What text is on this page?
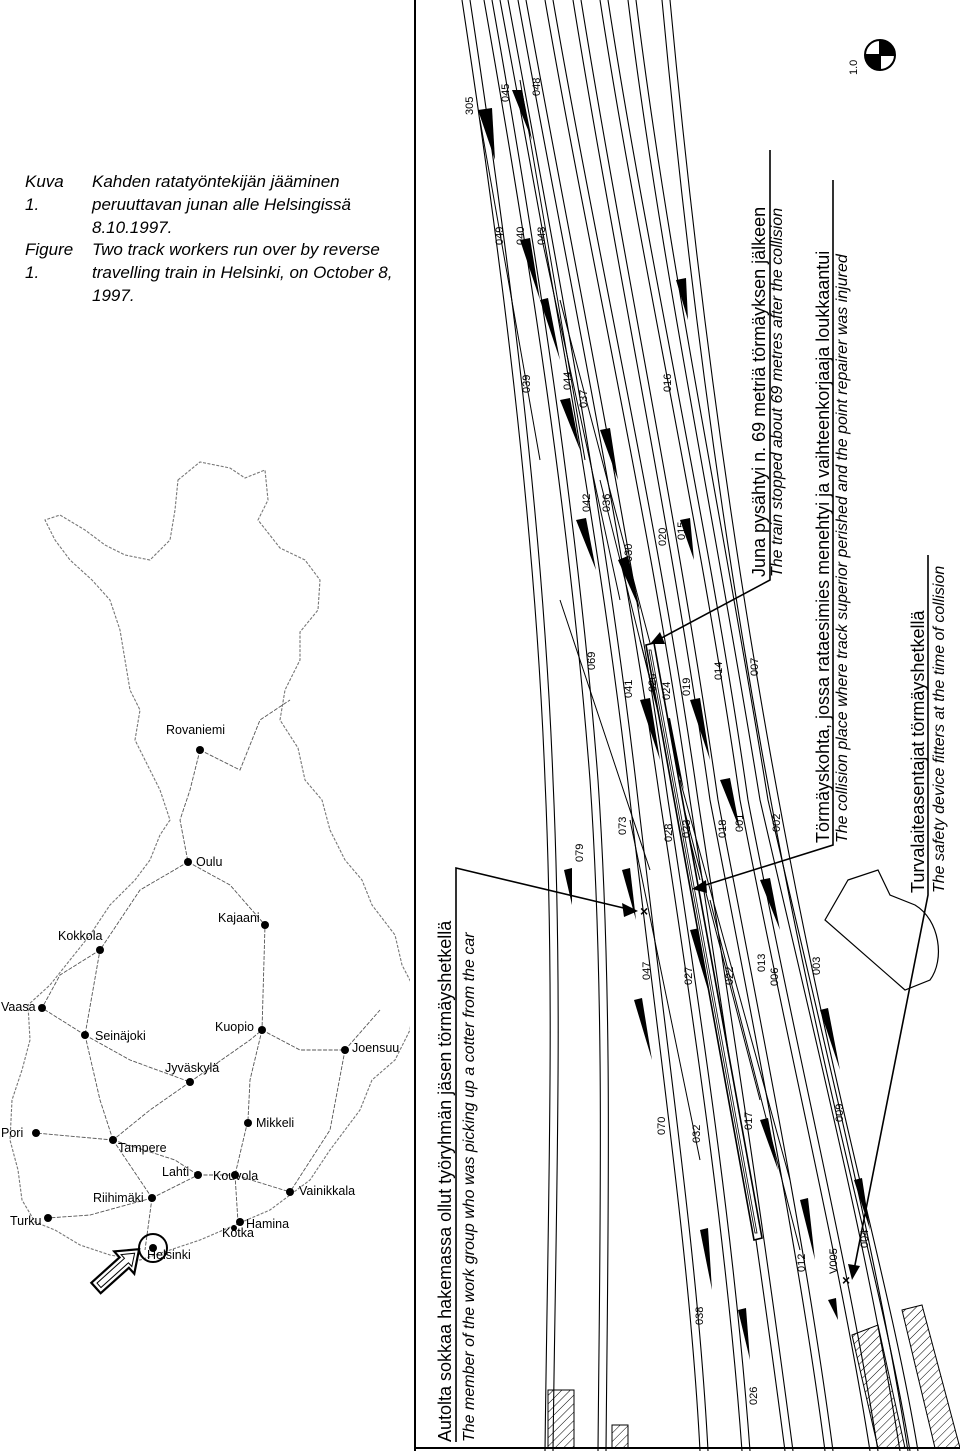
Kuva 1.
Kahden ratatyöntekijän jääminen peruuttavan junan alle Helsingissä 8.10.1997.
Figure 1.
Two track workers run over by reverse travelling train in Helsinki, on October 8, 1997.
Rovaniemi
Oulu
Kajaani
Kokkola
Vaasa
Seinäjoki
Kuopio
Joensuu
Jyväskylä
Pori
Tampere
Mikkeli
Lahti Kouvola
Vainikkala
Riihimäki
Turku	Hamina
Kotka
Helsinki
1.0
305
045 048
049 040 043
039	044
037
016
042 036
030
020 015
069
041 026 024 019
014 007
079
073	028 023 018 001 002
047	027	022
013
006
003
070 032
017	009
038
012 V005
004
026
Autolta sokkaa hakemassa ollut työryhmän jäsen törmäyshetkellä The member of the work group who was picking up a cotter from the car
×
Juna pysähtyi n. 69 metriä törmäyksen jälkeen The train stopped about 69 metres after the collision Törmäyskohta, jossa rataesimies menehtyi ja vaihteenkorjaaja loukkaantui The collision place where track superior perished and the point repairer was injured	Turvalaiteasentajat törmäyshetkellä The safety device fitters at the time of collision
×
